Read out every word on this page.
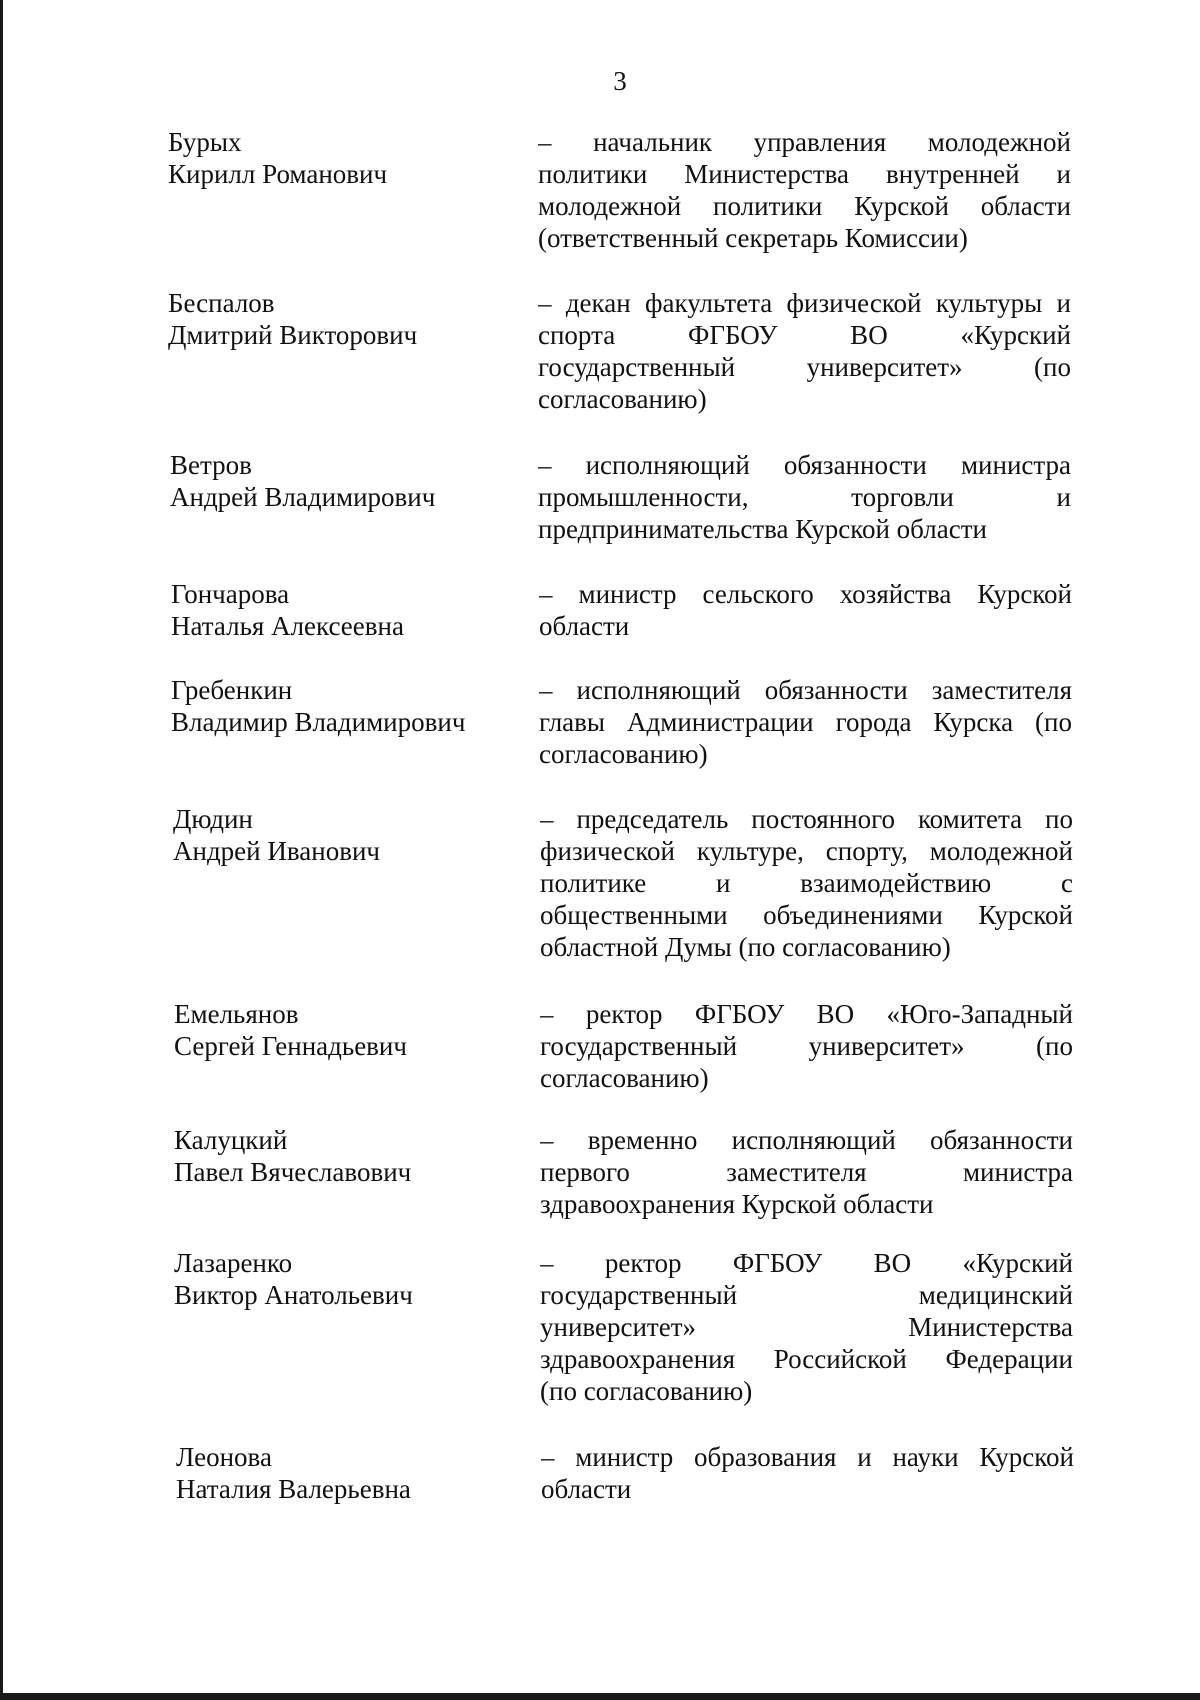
3
Бурых
Кирилл Романович
– начальник управления молодежной
политики Министерства внутренней и
молодежной политики Курской области
(ответственный секретарь Комиссии)
Беспалов
Дмитрий Викторович
– декан факультета физической культуры и
спорта ФГБОУ ВО «Курский
государственный университет» (по
согласованию)
Ветров
Андрей Владимирович
– исполняющий обязанности министра
промышленности, торговли и
предпринимательства Курской области
Гончарова
Наталья Алексеевна
– министр сельского хозяйства Курской
области
Гребенкин
Владимир Владимирович
– исполняющий обязанности заместителя
главы Администрации города Курска (по
согласованию)
Дюдин
Андрей Иванович
– председатель постоянного комитета по
физической культуре, спорту, молодежной
политике и взаимодействию с
общественными объединениями Курской
областной Думы (по согласованию)
Емельянов
Сергей Геннадьевич
– ректор ФГБОУ ВО «Юго-Западный
государственный университет» (по
согласованию)
Калуцкий
Павел Вячеславович
– временно исполняющий обязанности
первого заместителя министра
здравоохранения Курской области
Лазаренко
Виктор Анатольевич
– ректор ФГБОУ ВО «Курский
государственный медицинский
университет» Министерства
здравоохранения Российской Федерации
(по согласованию)
Леонова
Наталия Валерьевна
– министр образования и науки Курской
области
